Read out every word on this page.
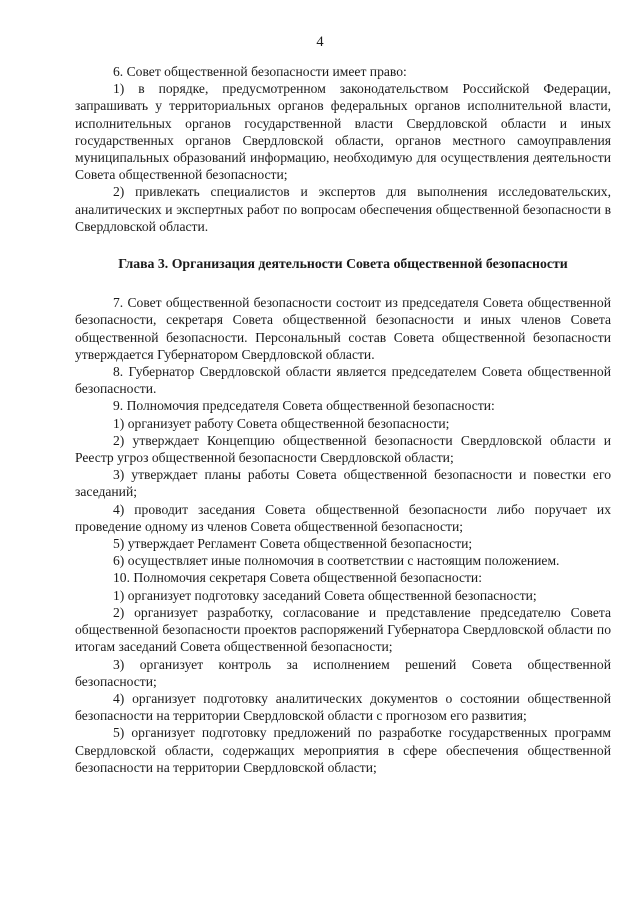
4

6. Совет общественной безопасности имеет право:

1) в порядке, предусмотренном законодательством Российской Федерации, запрашивать у территориальных органов федеральных органов исполнительной власти, исполнительных органов государственной власти Свердловской области и иных государственных органов Свердловской области, органов местного самоуправления муниципальных образований информацию, необходимую для осуществления деятельности Совета общественной безопасности;

2) привлекать специалистов и экспертов для выполнения исследовательских, аналитических и экспертных работ по вопросам обеспечения общественной безопасности в Свердловской области.

Глава 3. Организация деятельности Совета общественной безопасности

7. Совет общественной безопасности состоит из председателя Совета общественной безопасности, секретаря Совета общественной безопасности и иных членов Совета общественной безопасности. Персональный состав Совета общественной безопасности утверждается Губернатором Свердловской области.

8. Губернатор Свердловской области является председателем Совета общественной безопасности.

9. Полномочия председателя Совета общественной безопасности:

1) организует работу Совета общественной безопасности;

2) утверждает Концепцию общественной безопасности Свердловской области и Реестр угроз общественной безопасности Свердловской области;

3) утверждает планы работы Совета общественной безопасности и повестки его заседаний;

4) проводит заседания Совета общественной безопасности либо поручает их проведение одному из членов Совета общественной безопасности;

5) утверждает Регламент Совета общественной безопасности;

6) осуществляет иные полномочия в соответствии с настоящим положением.

10. Полномочия секретаря Совета общественной безопасности:

1) организует подготовку заседаний Совета общественной безопасности;

2) организует разработку, согласование и представление председателю Совета общественной безопасности проектов распоряжений Губернатора Свердловской области по итогам заседаний Совета общественной безопасности;

3) организует контроль за исполнением решений Совета общественной безопасности;

4) организует подготовку аналитических документов о состоянии общественной безопасности на территории Свердловской области с прогнозом его развития;

5) организует подготовку предложений по разработке государственных программ Свердловской области, содержащих мероприятия в сфере обеспечения общественной безопасности на территории Свердловской области;
